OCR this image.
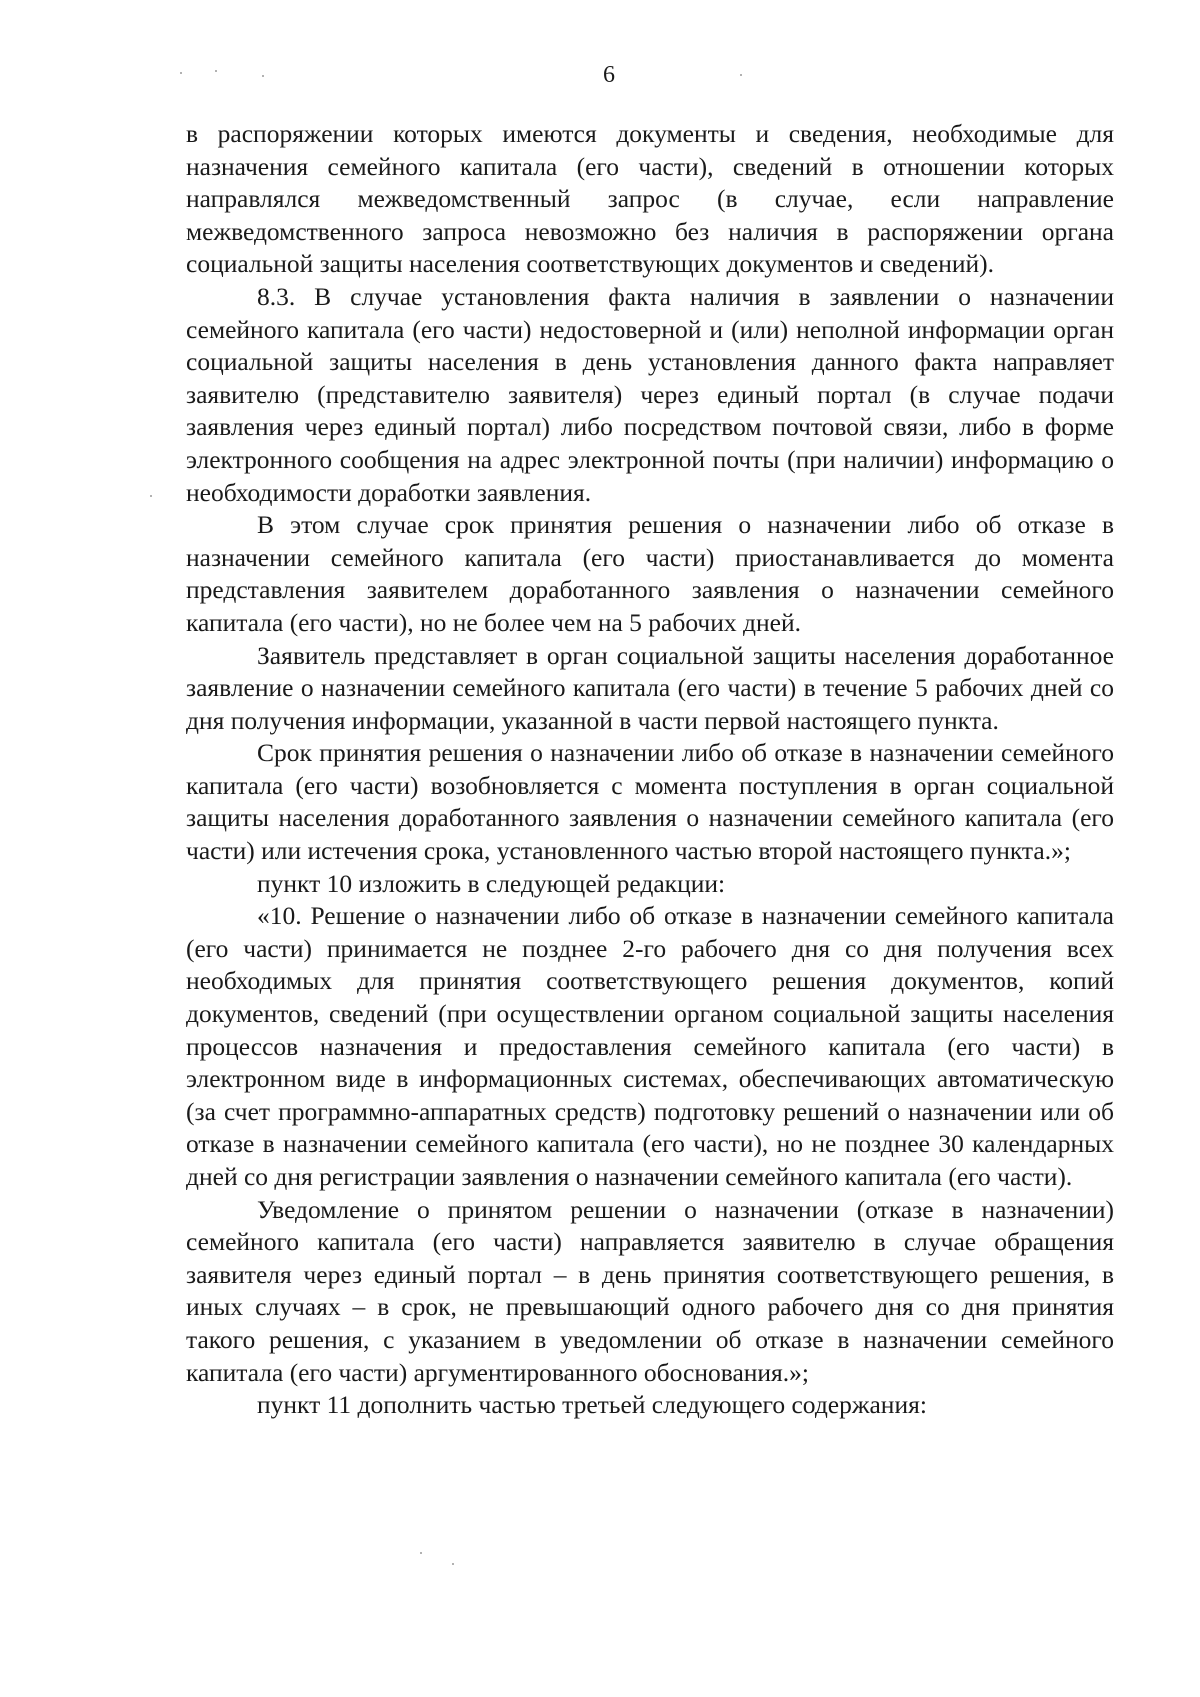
6

в распоряжении которых имеются документы и сведения, необходимые для назначения семейного капитала (его части), сведений в отношении которых направлялся межведомственный запрос (в случае, если направление межведомственного запроса невозможно без наличия в распоряжении органа социальной защиты населения соответствующих документов и сведений).

8.3. В случае установления факта наличия в заявлении о назначении семейного капитала (его части) недостоверной и (или) неполной информации орган социальной защиты населения в день установления данного факта направляет заявителю (представителю заявителя) через единый портал (в случае подачи заявления через единый портал) либо посредством почтовой связи, либо в форме электронного сообщения на адрес электронной почты (при наличии) информацию о необходимости доработки заявления.

В этом случае срок принятия решения о назначении либо об отказе в назначении семейного капитала (его части) приостанавливается до момента представления заявителем доработанного заявления о назначении семейного капитала (его части), но не более чем на 5 рабочих дней.

Заявитель представляет в орган социальной защиты населения доработанное заявление о назначении семейного капитала (его части) в течение 5 рабочих дней со дня получения информации, указанной в части первой настоящего пункта.

Срок принятия решения о назначении либо об отказе в назначении семейного капитала (его части) возобновляется с момента поступления в орган социальной защиты населения доработанного заявления о назначении семейного капитала (его части) или истечения срока, установленного частью второй настоящего пункта.»;

пункт 10 изложить в следующей редакции:

«10. Решение о назначении либо об отказе в назначении семейного капитала (его части) принимается не позднее 2-го рабочего дня со дня получения всех необходимых для принятия соответствующего решения документов, копий документов, сведений (при осуществлении органом социальной защиты населения процессов назначения и предоставления семейного капитала (его части) в электронном виде в информационных системах, обеспечивающих автоматическую (за счет программно-аппаратных средств) подготовку решений о назначении или об отказе в назначении семейного капитала (его части), но не позднее 30 календарных дней со дня регистрации заявления о назначении семейного капитала (его части).

Уведомление о принятом решении о назначении (отказе в назначении) семейного капитала (его части) направляется заявителю в случае обращения заявителя через единый портал – в день принятия соответствующего решения, в иных случаях – в срок, не превышающий одного рабочего дня со дня принятия такого решения, с указанием в уведомлении об отказе в назначении семейного капитала (его части) аргументированного обоснования.»;

пункт 11 дополнить частью третьей следующего содержания:
